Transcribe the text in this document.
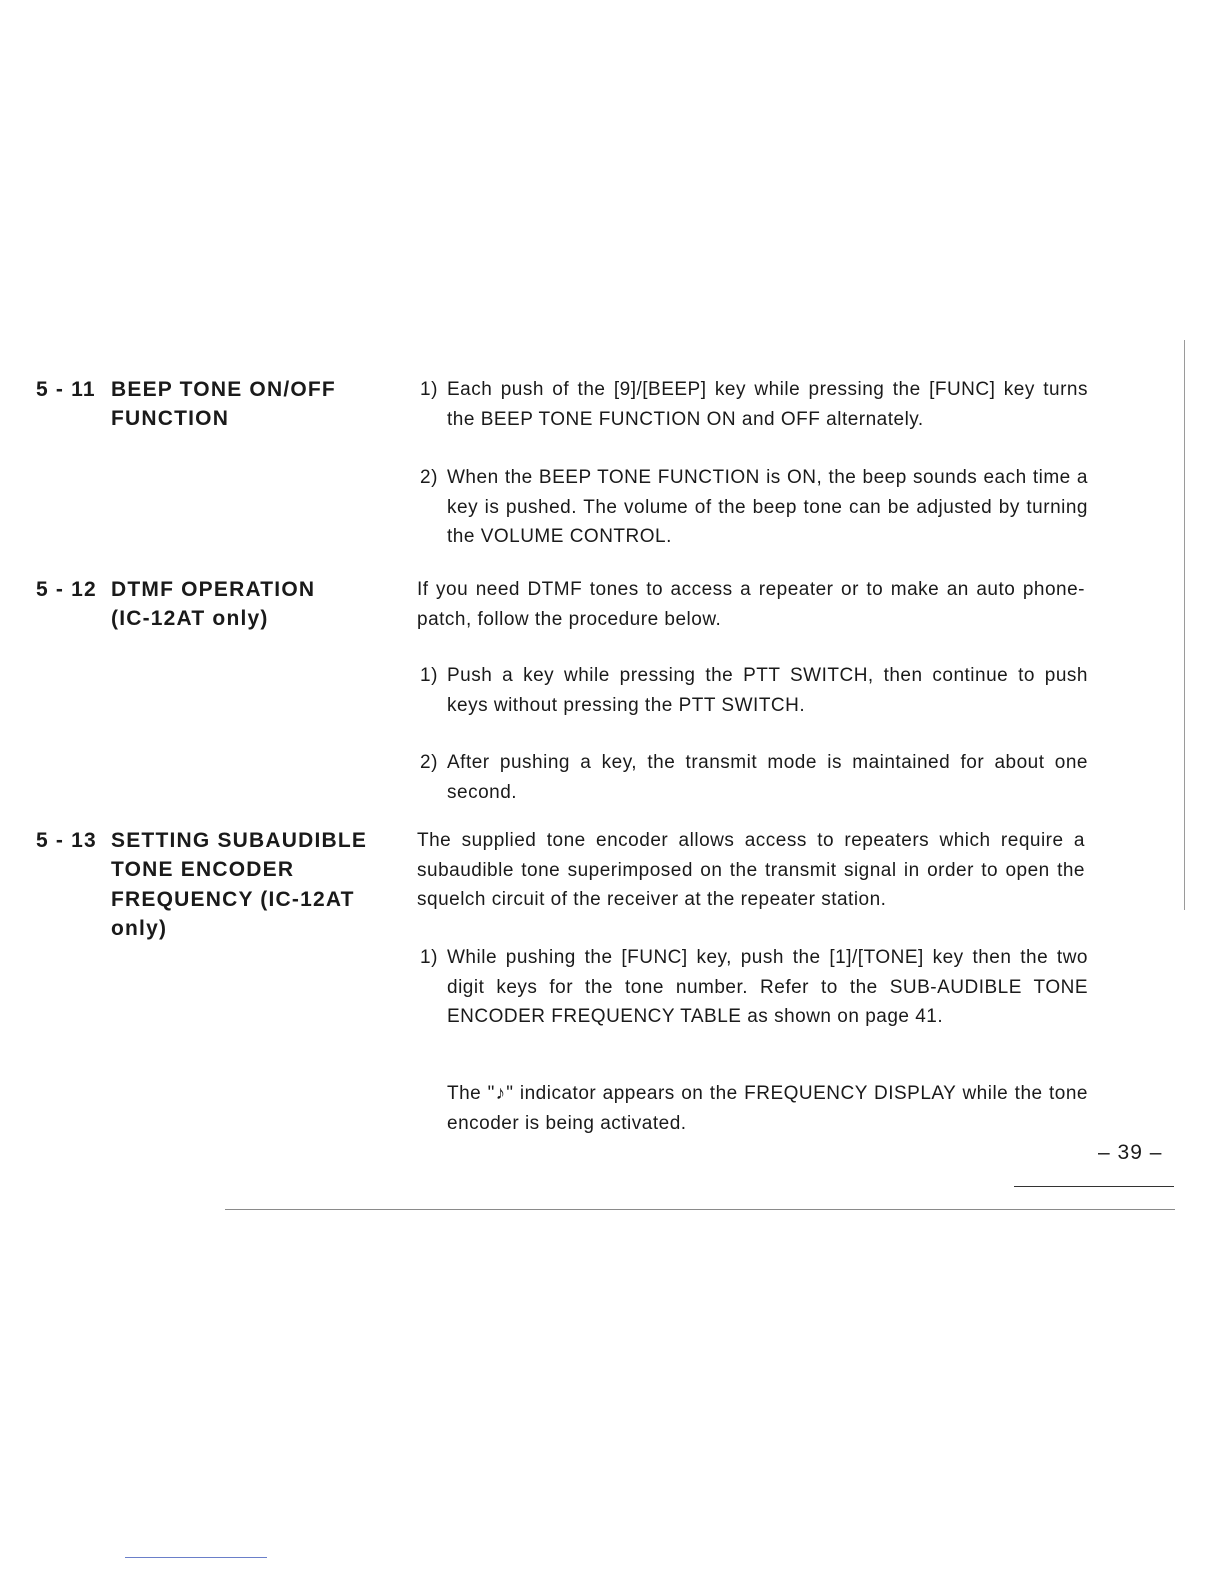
5 - 11 BEEP TONE ON/OFF
FUNCTION
5 - 12 DTMF OPERATION
(IC-12AT only)
5 - 13 SETTING SUBAUDIBLE
TONE ENCODER
FREQUENCY (IC-12AT
only)
1) Each push of the [9]/[BEEP] key while pressing the [FUNC] key turns the BEEP TONE FUNCTION ON and OFF alternately.
2) When the BEEP TONE FUNCTION is ON, the beep sounds each time a key is pushed. The volume of the beep tone can be adjusted by turning the VOLUME CONTROL.
If you need DTMF tones to access a repeater or to make an auto phone-patch, follow the procedure below.
1) Push a key while pressing the PTT SWITCH, then continue to push keys without pressing the PTT SWITCH.
2) After pushing a key, the transmit mode is maintained for about one second.
The supplied tone encoder allows access to repeaters which require a subaudible tone superimposed on the transmit signal in order to open the squelch circuit of the receiver at the repeater station.
1) While pushing the [FUNC] key, push the [1]/[TONE] key then the two digit keys for the tone number. Refer to the SUB-AUDIBLE TONE ENCODER FREQUENCY TABLE as shown on page 41.
The "♪" indicator appears on the FREQUENCY DISPLAY while the tone encoder is being activated.
– 39 –
